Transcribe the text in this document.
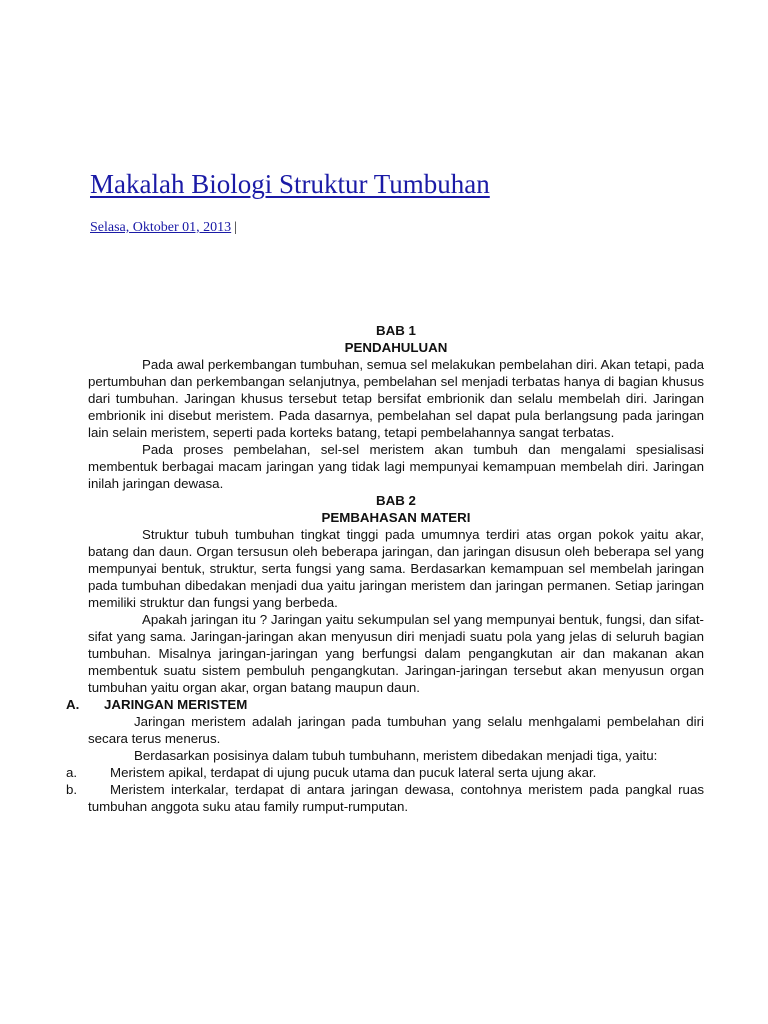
Makalah Biologi Struktur Tumbuhan
Selasa, Oktober 01, 2013 |
BAB 1
PENDAHULUAN

Pada awal perkembangan tumbuhan, semua sel melakukan pembelahan diri. Akan tetapi, pada pertumbuhan dan perkembangan selanjutnya, pembelahan sel menjadi terbatas hanya di bagian khusus dari tumbuhan. Jaringan khusus tersebut tetap bersifat embrionik dan selalu membelah diri. Jaringan embrionik ini disebut meristem. Pada dasarnya, pembelahan sel dapat pula berlangsung pada jaringan lain selain meristem, seperti pada korteks batang, tetapi pembelahannya sangat terbatas.

Pada proses pembelahan, sel-sel meristem akan tumbuh dan mengalami spesialisasi membentuk berbagai macam jaringan yang tidak lagi mempunyai kemampuan membelah diri. Jaringan inilah jaringan dewasa.

BAB 2
PEMBAHASAN MATERI

Struktur tubuh tumbuhan tingkat tinggi pada umumnya terdiri atas organ pokok yaitu akar, batang dan daun. Organ tersusun oleh beberapa jaringan, dan jaringan disusun oleh beberapa sel yang mempunyai bentuk, struktur, serta fungsi yang sama. Berdasarkan kemampuan sel membelah jaringan pada tumbuhan dibedakan menjadi dua yaitu jaringan meristem dan jaringan permanen. Setiap jaringan memiliki struktur dan fungsi yang berbeda.

Apakah jaringan itu ? Jaringan yaitu sekumpulan sel yang mempunyai bentuk, fungsi, dan sifat-sifat yang sama. Jaringan-jaringan akan menyusun diri menjadi suatu pola yang jelas di seluruh bagian tumbuhan. Misalnya jaringan-jaringan yang berfungsi dalam pengangkutan air dan makanan akan membentuk suatu sistem pembuluh pengangkutan. Jaringan-jaringan tersebut akan menyusun organ tumbuhan yaitu organ akar, organ batang maupun daun.

A. JARINGAN MERISTEM

Jaringan meristem adalah jaringan pada tumbuhan yang selalu menhgalami pembelahan diri secara terus menerus.

Berdasarkan posisinya dalam tubuh tumbuhann, meristem dibedakan menjadi tiga, yaitu:

a.	Meristem apikal, terdapat di ujung pucuk utama dan pucuk lateral serta ujung akar.
b.	Meristem interkalar, terdapat di antara jaringan dewasa, contohnya meristem pada pangkal ruas tumbuhan anggota suku atau family rumput-rumputan.
